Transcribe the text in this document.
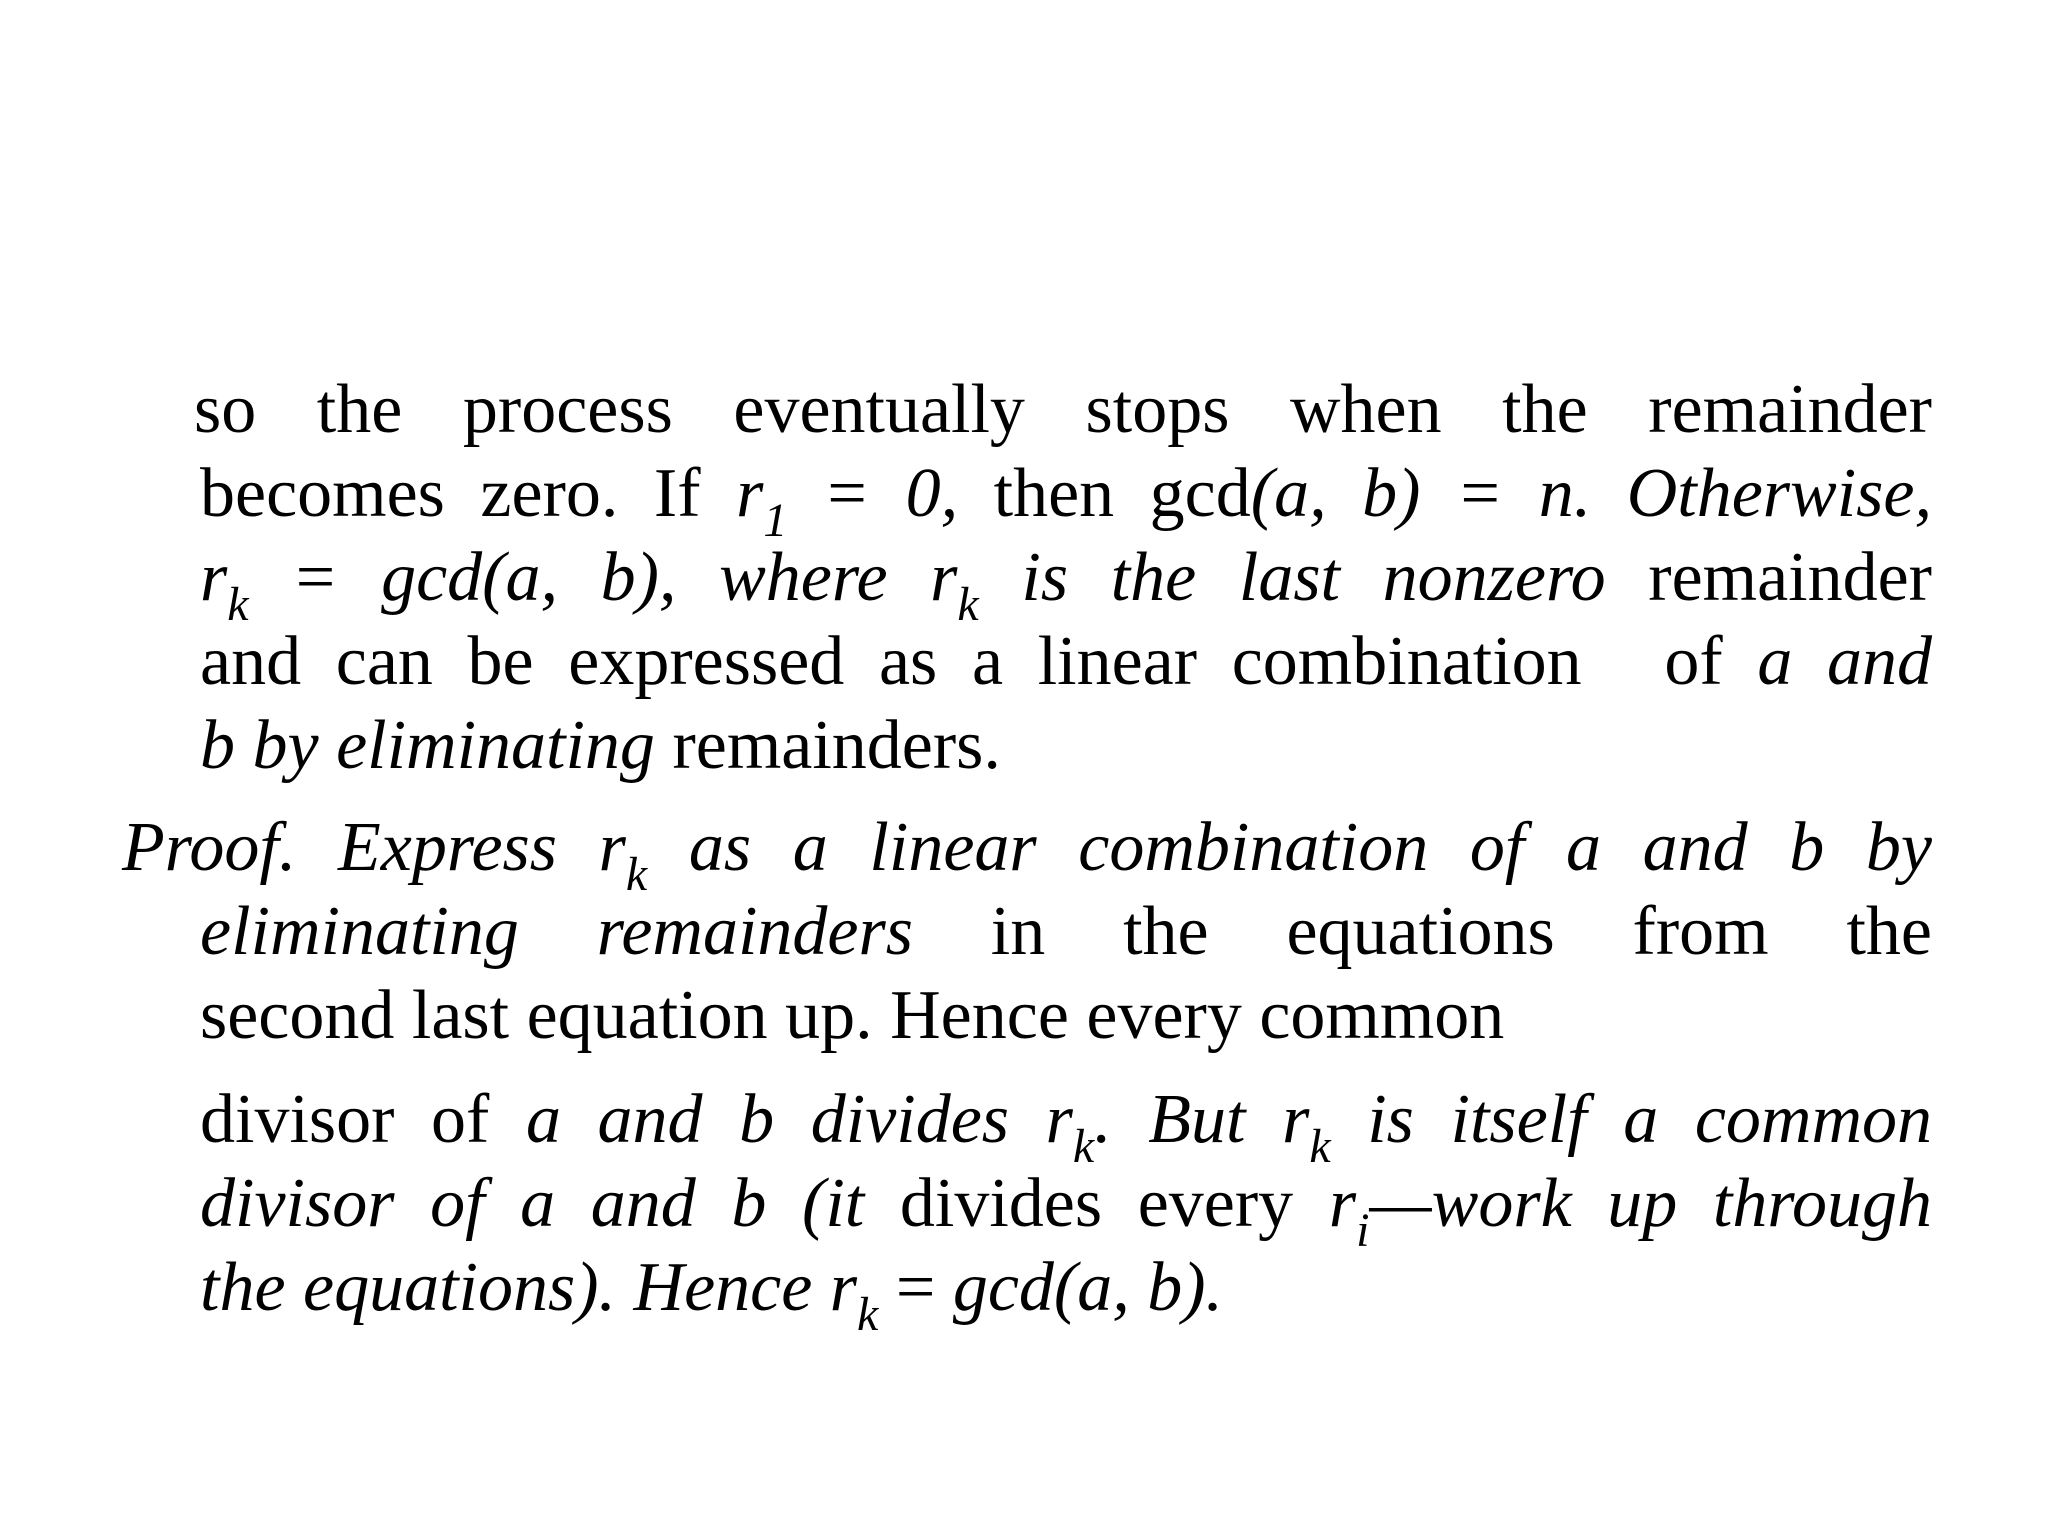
so the process eventually stops when the remainder
becomes zero. If $r_1 = 0$, then gcd(a, b) = n. Otherwise,
$r_k = \gcd(a$, b), where $r_k$ is the last nonzero remainder
and can be expressed as a linear combination of a and
b by eliminating remainders.
Proof. Express $r_k$ as a linear combination of a and b by
eliminating remainders in the equations from the
second last equation up. Hence every common
divisor of a and b divides $r_k$. But $r_k$ is itself a common
divisor of a and b (it divides every $r_i—work$ up through
the equations). Hence $r_k = \gcd(a$, b).
